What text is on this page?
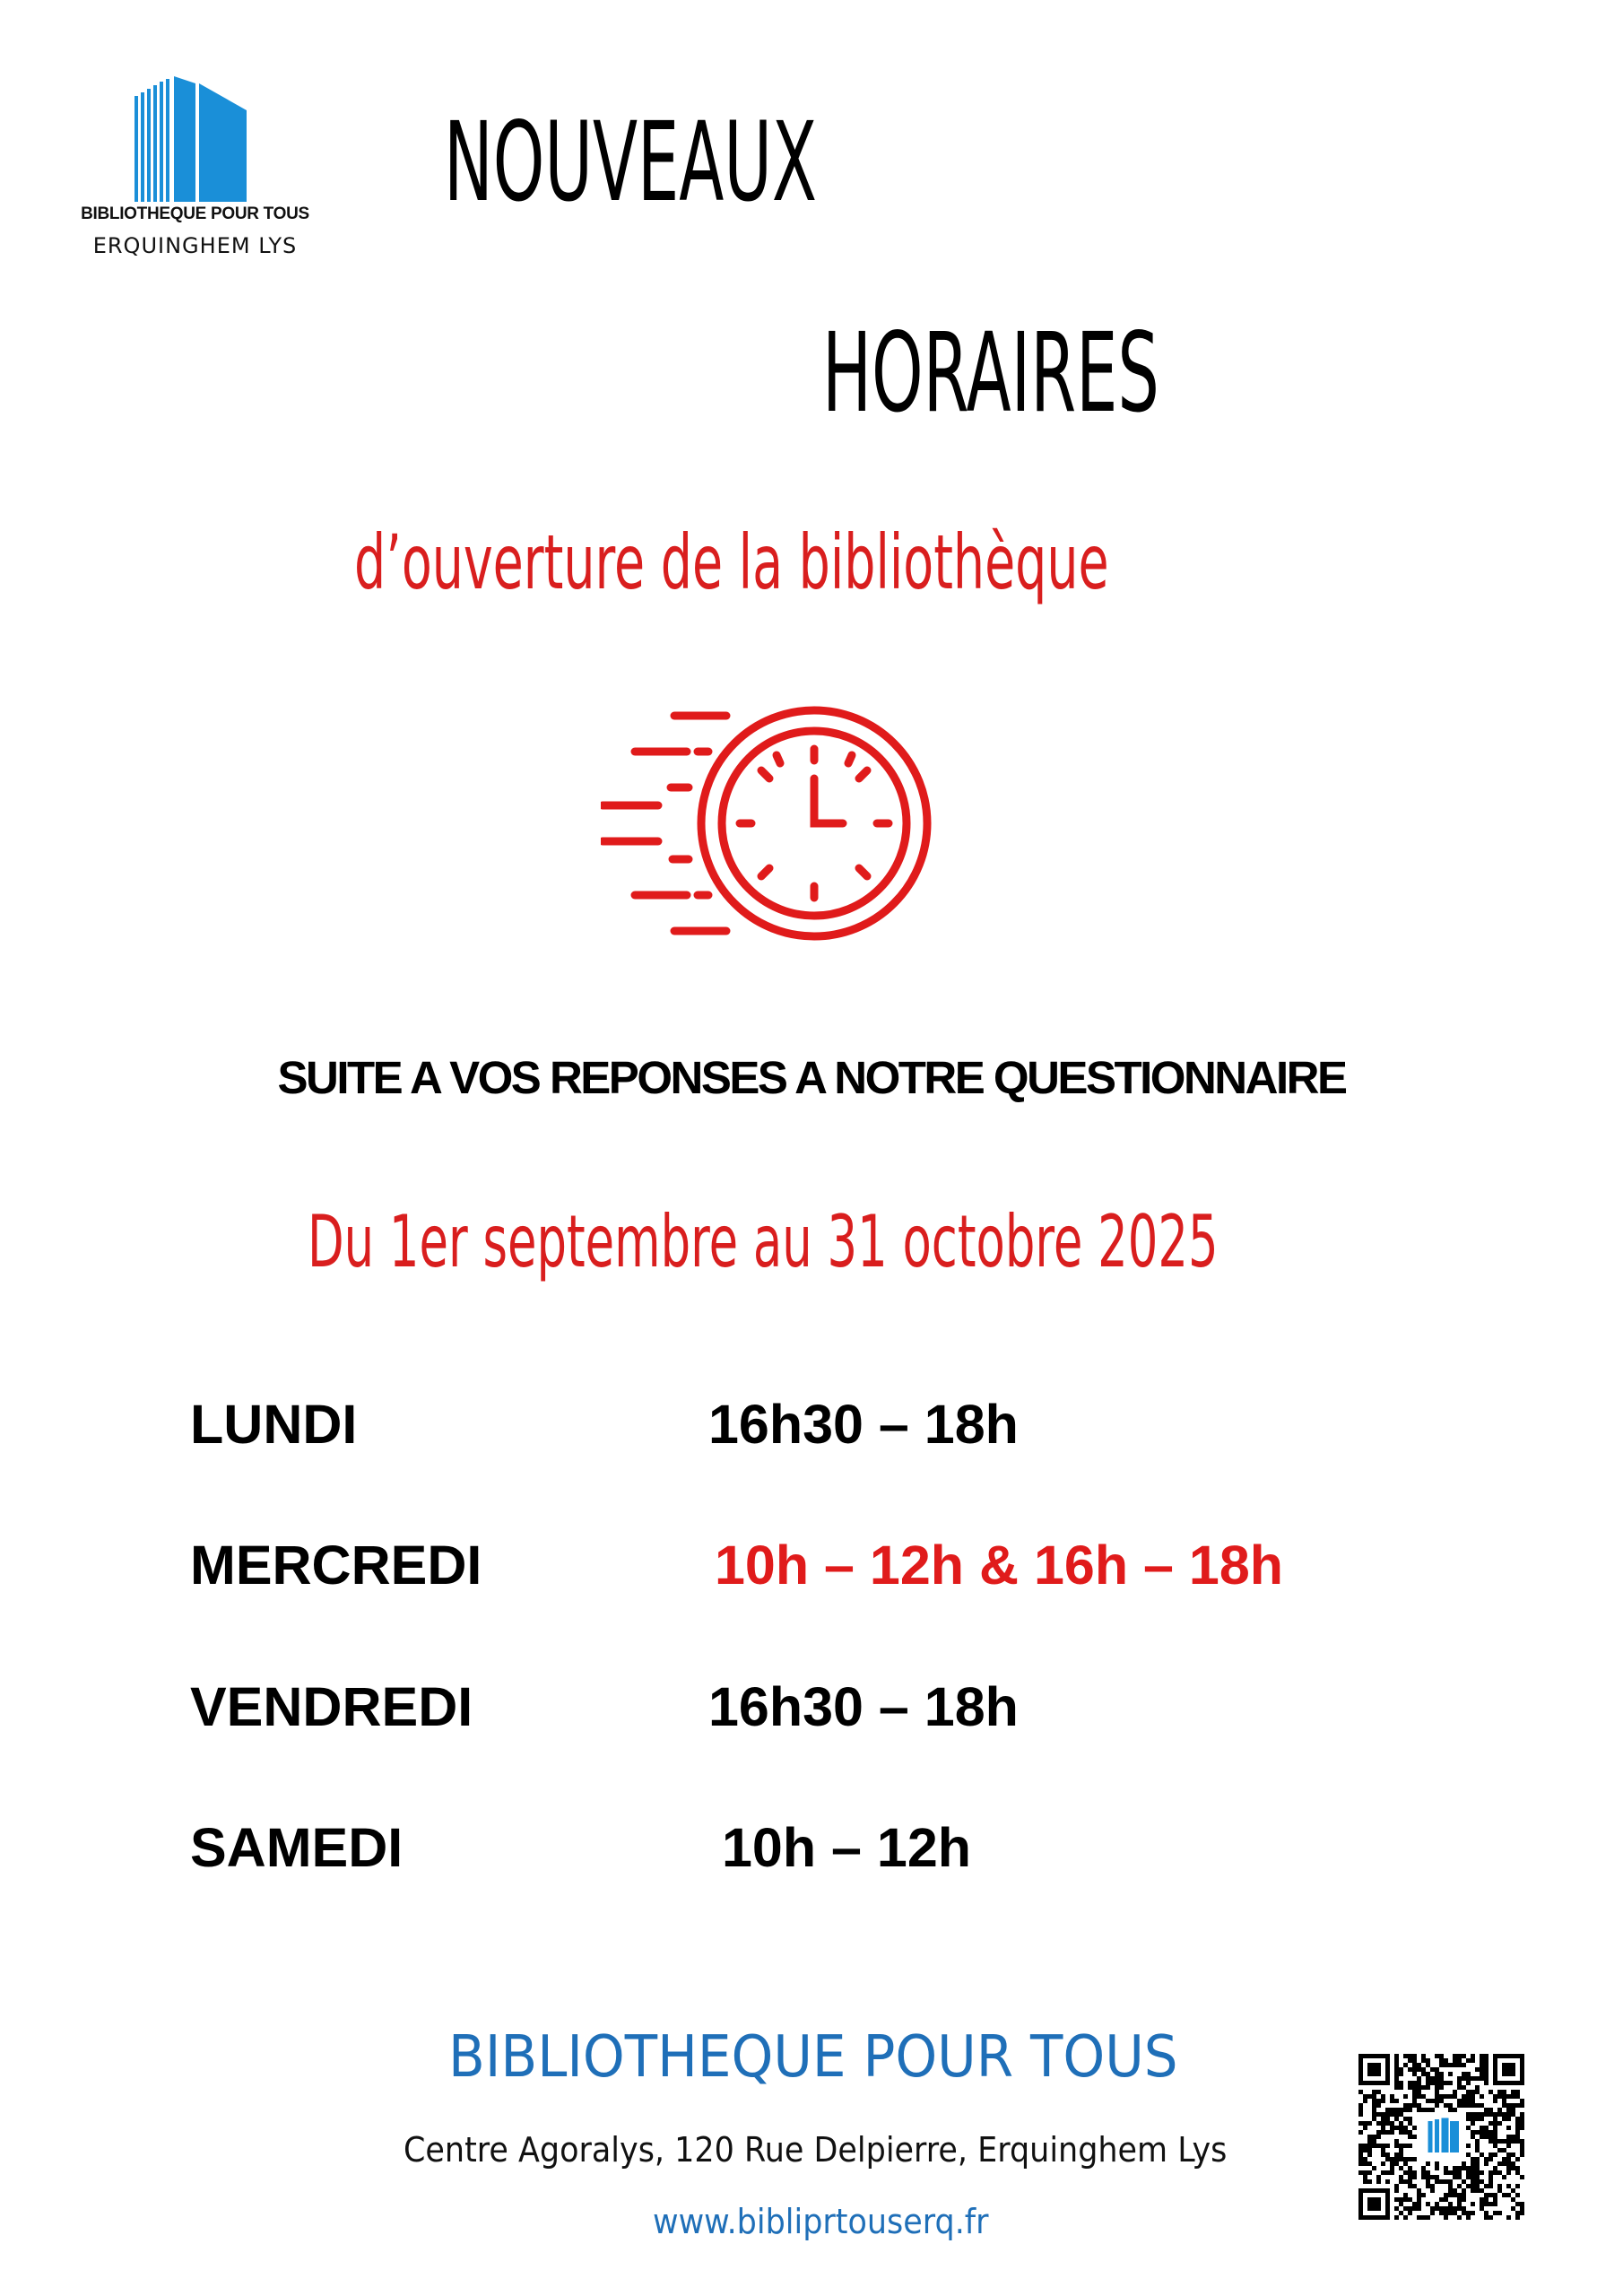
BIBLIOTHEQUE POUR TOUS
ERQUINGHEM LYS
NOUVEAUX
HORAIRES
d’ouverture de la bibliothèque
SUITE A VOS REPONSES A NOTRE QUESTIONNAIRE
Du 1er septembre au 31 octobre 2025
LUNDI	16h30 – 18h
MERCREDI	10h – 12h & 16h – 18h
VENDREDI	16h30 – 18h
SAMEDI	10h – 12h
BIBLIOTHEQUE POUR TOUS
Centre Agoralys, 120 Rue Delpierre, Erquinghem Lys
www.bibliprtouserq.fr
